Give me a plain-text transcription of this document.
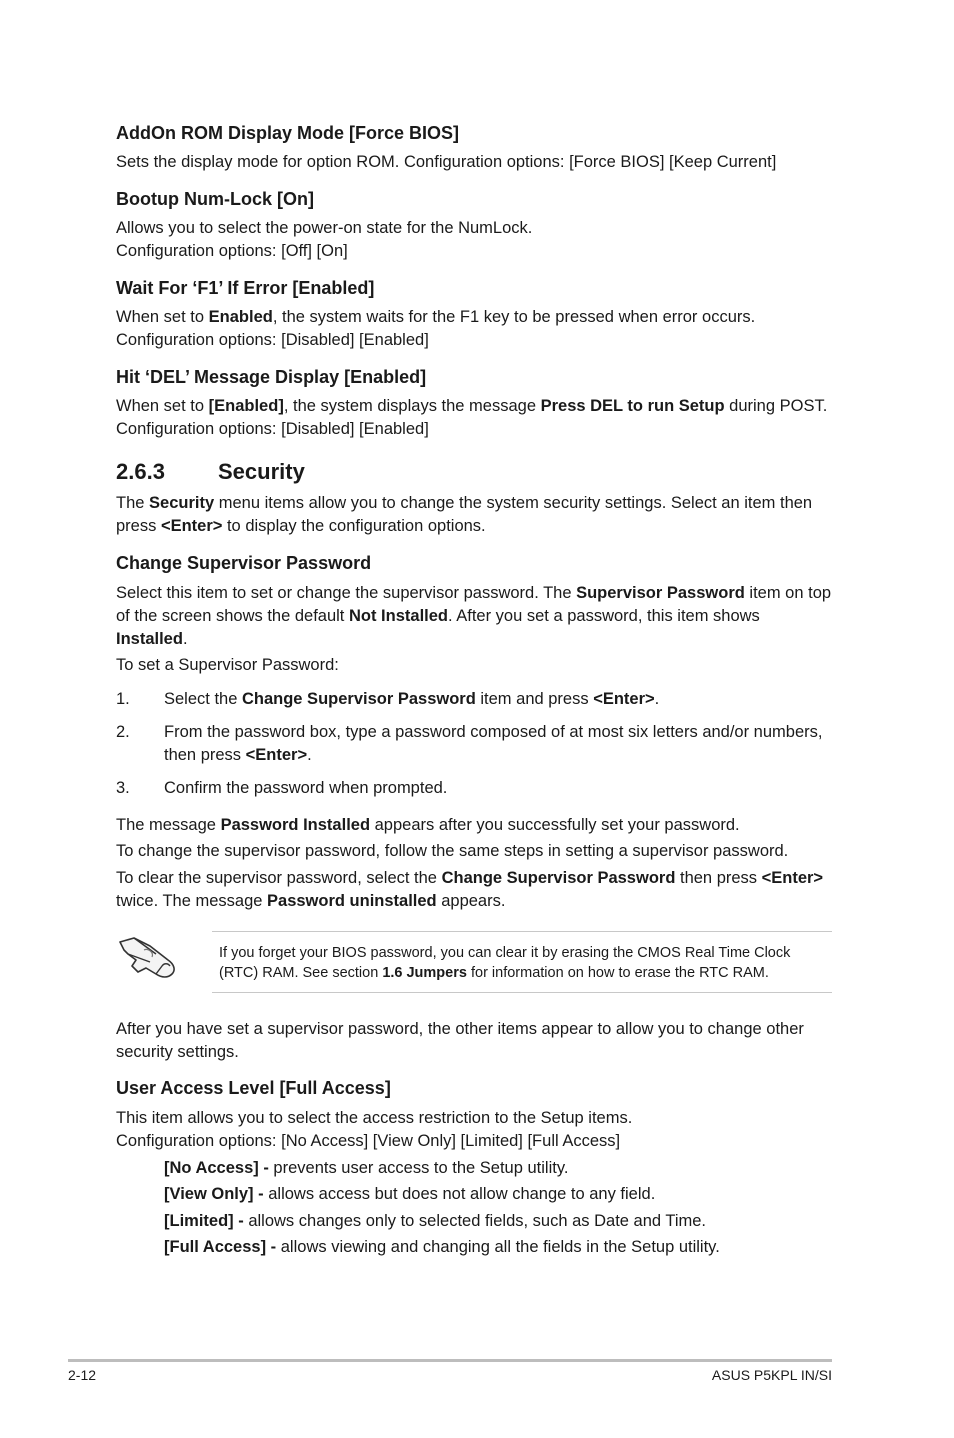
AddOn ROM Display Mode [Force BIOS]

Sets the display mode for option ROM. Configuration options: [Force BIOS] [Keep Current]

Bootup Num-Lock [On]

Allows you to select the power-on state for the NumLock.

Configuration options: [Off] [On]

Wait For ‘F1’ If Error [Enabled]

When set to Enabled, the system waits for the F1 key to be pressed when error occurs.

Configuration options: [Disabled] [Enabled]

Hit ‘DEL’ Message Display [Enabled]

When set to [Enabled], the system displays the message Press DEL to run Setup during POST. Configuration options: [Disabled] [Enabled]

2.6.3 Security

The Security menu items allow you to change the system security settings. Select an item then press <Enter> to display the configuration options.

Change Supervisor Password

Select this item to set or change the supervisor password. The Supervisor Password item on top of the screen shows the default Not Installed. After you set a password, this item shows Installed.

To set a Supervisor Password:

1. Select the Change Supervisor Password item and press <Enter>.
2. From the password box, type a password composed of at most six letters and/or numbers, then press <Enter>.
3. Confirm the password when prompted.

The message Password Installed appears after you successfully set your password.

To change the supervisor password, follow the same steps in setting a supervisor password.

To clear the supervisor password, select the Change Supervisor Password then press <Enter> twice. The message Password uninstalled appears.

If you forget your BIOS password, you can clear it by erasing the CMOS Real Time Clock (RTC) RAM. See section 1.6 Jumpers for information on how to erase the RTC RAM.

After you have set a supervisor password, the other items appear to allow you to change other security settings.

User Access Level [Full Access]

This item allows you to select the access restriction to the Setup items.

Configuration options: [No Access] [View Only] [Limited] [Full Access]

[No Access] - prevents user access to the Setup utility.
[View Only] - allows access but does not allow change to any field.
[Limited] - allows changes only to selected fields, such as Date and Time.
[Full Access] - allows viewing and changing all the fields in the Setup utility.
2-12	ASUS P5KPL IN/SI
